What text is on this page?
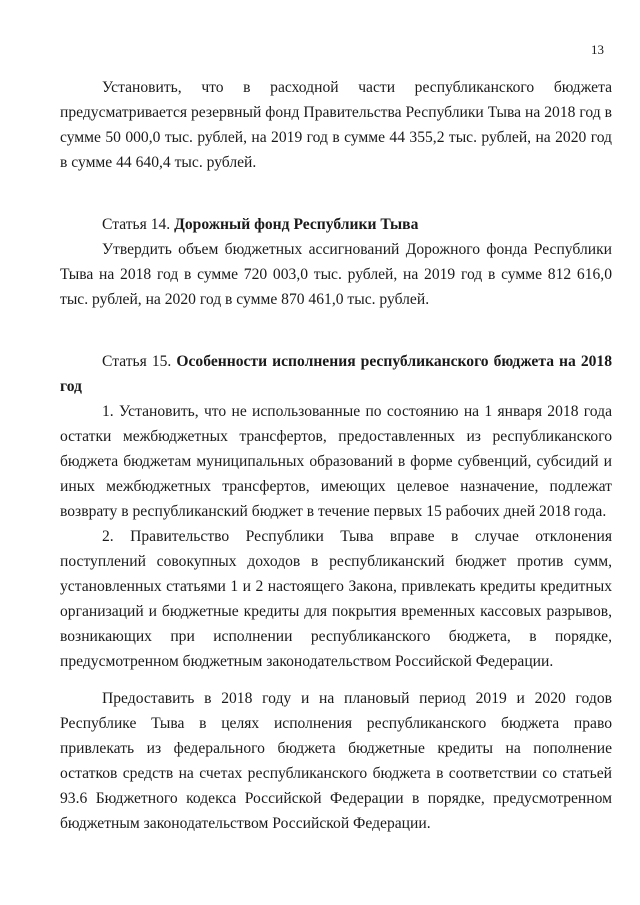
13

Установить, что в расходной части республиканского бюджета предусматривается резервный фонд Правительства Республики Тыва на 2018 год в сумме 50 000,0 тыс. рублей, на 2019 год в сумме 44 355,2 тыс. рублей, на 2020 год в сумме 44 640,4 тыс. рублей.

Статья 14. Дорожный фонд Республики Тыва

Утвердить объем бюджетных ассигнований Дорожного фонда Республики Тыва на 2018 год в сумме 720 003,0 тыс. рублей, на 2019 год в сумме 812 616,0 тыс. рублей, на 2020 год в сумме 870 461,0 тыс. рублей.

Статья 15. Особенности исполнения республиканского бюджета на 2018 год

1. Установить, что не использованные по состоянию на 1 января 2018 года остатки межбюджетных трансфертов, предоставленных из республиканского бюджета бюджетам муниципальных образований в форме субвенций, субсидий и иных межбюджетных трансфертов, имеющих целевое назначение, подлежат возврату в республиканский бюджет в течение первых 15 рабочих дней 2018 года.

2. Правительство Республики Тыва вправе в случае отклонения поступлений совокупных доходов в республиканский бюджет против сумм, установленных статьями 1 и 2 настоящего Закона, привлекать кредиты кредитных организаций и бюджетные кредиты для покрытия временных кассовых разрывов, возникающих при исполнении республиканского бюджета, в порядке, предусмотренном бюджетным законодательством Российской Федерации.

Предоставить в 2018 году и на плановый период 2019 и 2020 годов Республике Тыва в целях исполнения республиканского бюджета право привлекать из федерального бюджета бюджетные кредиты на пополнение остатков средств на счетах республиканского бюджета в соответствии со статьей 93.6 Бюджетного кодекса Российской Федерации в порядке, предусмотренном бюджетным законодательством Российской Федерации.
